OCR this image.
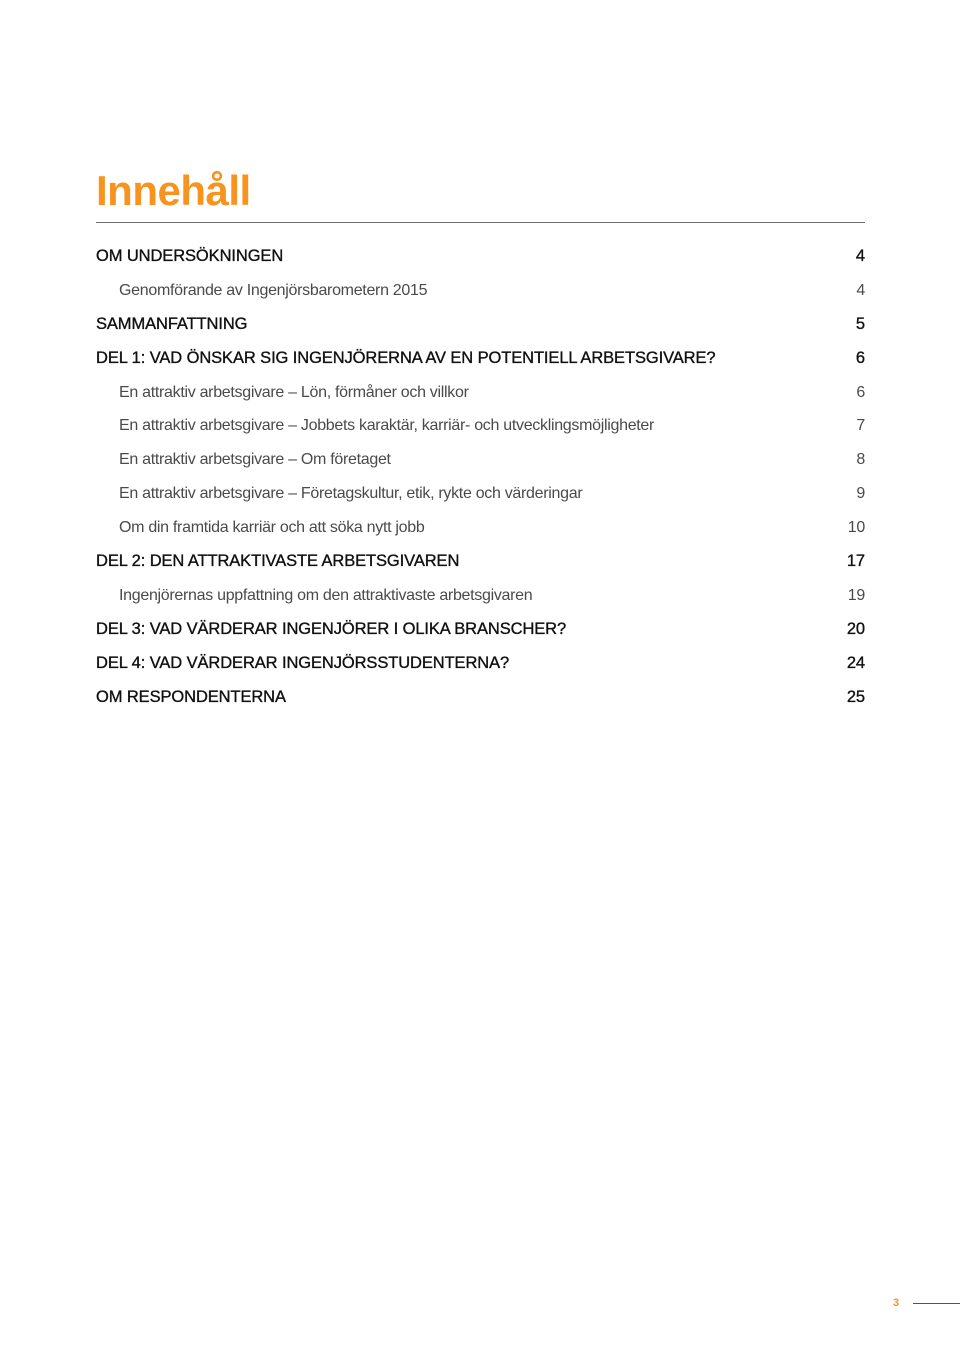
Innehåll
OM UNDERSÖKNINGEN	4
Genomförande av Ingenjörsbarometern 2015	4
SAMMANFATTNING	5
DEL 1: VAD ÖNSKAR SIG INGENJÖRERNA AV EN POTENTIELL ARBETSGIVARE?	6
En attraktiv arbetsgivare – Lön, förmåner och villkor	6
En attraktiv arbetsgivare – Jobbets karaktär, karriär- och utvecklingsmöjligheter	7
En attraktiv arbetsgivare – Om företaget	8
En attraktiv arbetsgivare – Företagskultur, etik, rykte och värderingar	9
Om din framtida karriär och att söka nytt jobb	10
DEL 2: DEN ATTRAKTIVASTE ARBETSGIVAREN	17
Ingenjörernas uppfattning om den attraktivaste arbetsgivaren	19
DEL 3: VAD VÄRDERAR INGENJÖRER I OLIKA BRANSCHER?	20
DEL 4: VAD VÄRDERAR INGENJÖRSSTUDENTERNA?	24
OM RESPONDENTERNA	25
3
